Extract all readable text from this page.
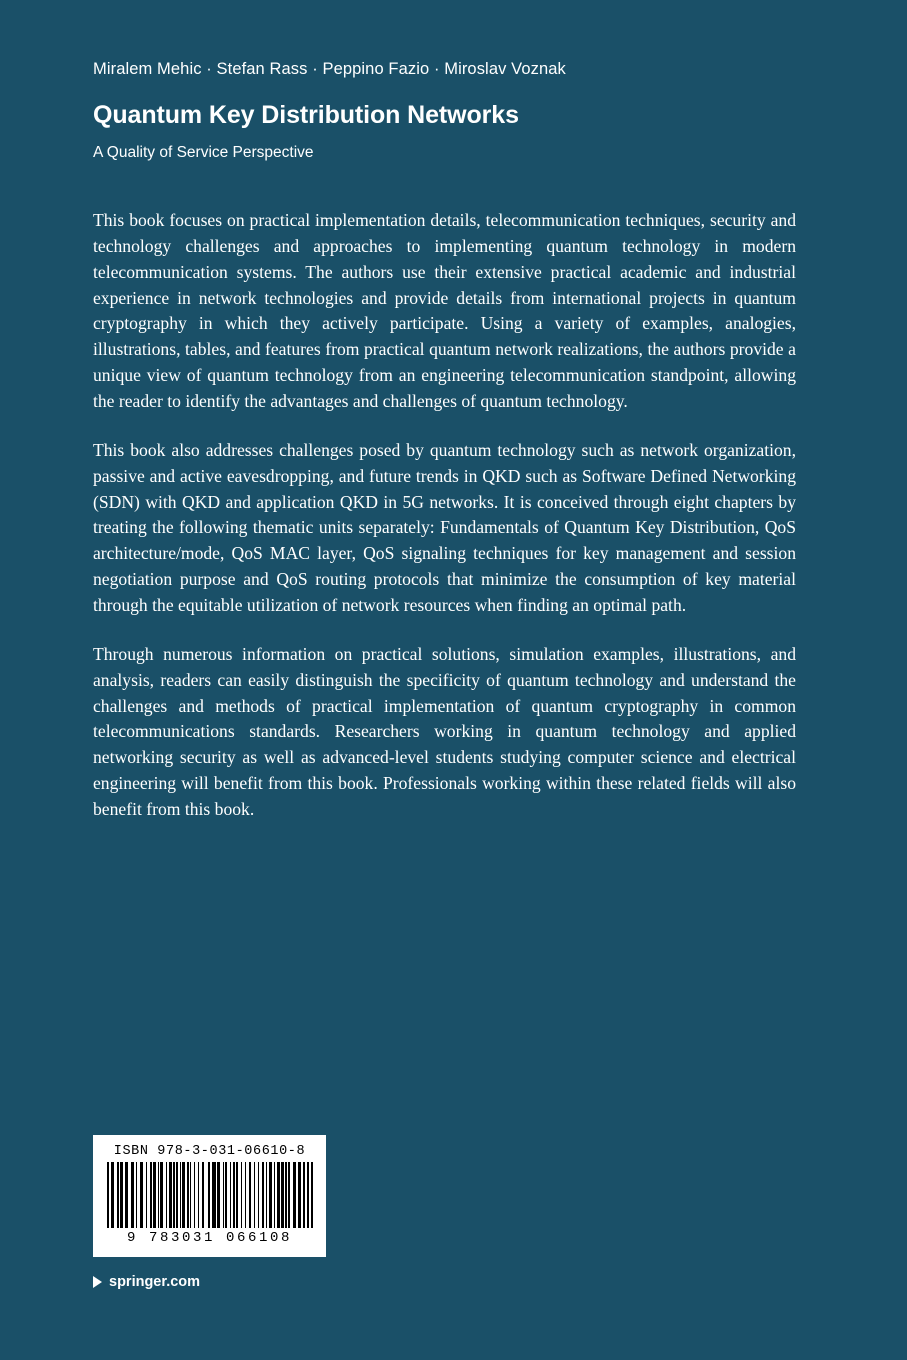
Miralem Mehic · Stefan Rass · Peppino Fazio · Miroslav Voznak
Quantum Key Distribution Networks
A Quality of Service Perspective

This book focuses on practical implementation details, telecommunication techniques, security and technology challenges and approaches to implementing quantum technology in modern telecommunication systems. The authors use their extensive practical academic and industrial experience in network technologies and provide details from international projects in quantum cryptography in which they actively participate. Using a variety of examples, analogies, illustrations, tables, and features from practical quantum network realizations, the authors provide a unique view of quantum technology from an engineering telecommunication standpoint, allowing the reader to identify the advantages and challenges of quantum technology.

This book also addresses challenges posed by quantum technology such as network organization, passive and active eavesdropping, and future trends in QKD such as Software Defined Networking (SDN) with QKD and application QKD in 5G networks. It is conceived through eight chapters by treating the following thematic units separately: Fundamentals of Quantum Key Distribution, QoS architecture/mode, QoS MAC layer, QoS signaling techniques for key management and session negotiation purpose and QoS routing protocols that minimize the consumption of key material through the equitable utilization of network resources when finding an optimal path.

Through numerous information on practical solutions, simulation examples, illustrations, and analysis, readers can easily distinguish the specificity of quantum technology and understand the challenges and methods of practical implementation of quantum cryptography in common telecommunications standards. Researchers working in quantum technology and applied networking security as well as advanced-level students studying computer science and electrical engineering will benefit from this book. Professionals working within these related fields will also benefit from this book.

ISBN 978-3-031-06610-8
9 783031 066108
springer.com
